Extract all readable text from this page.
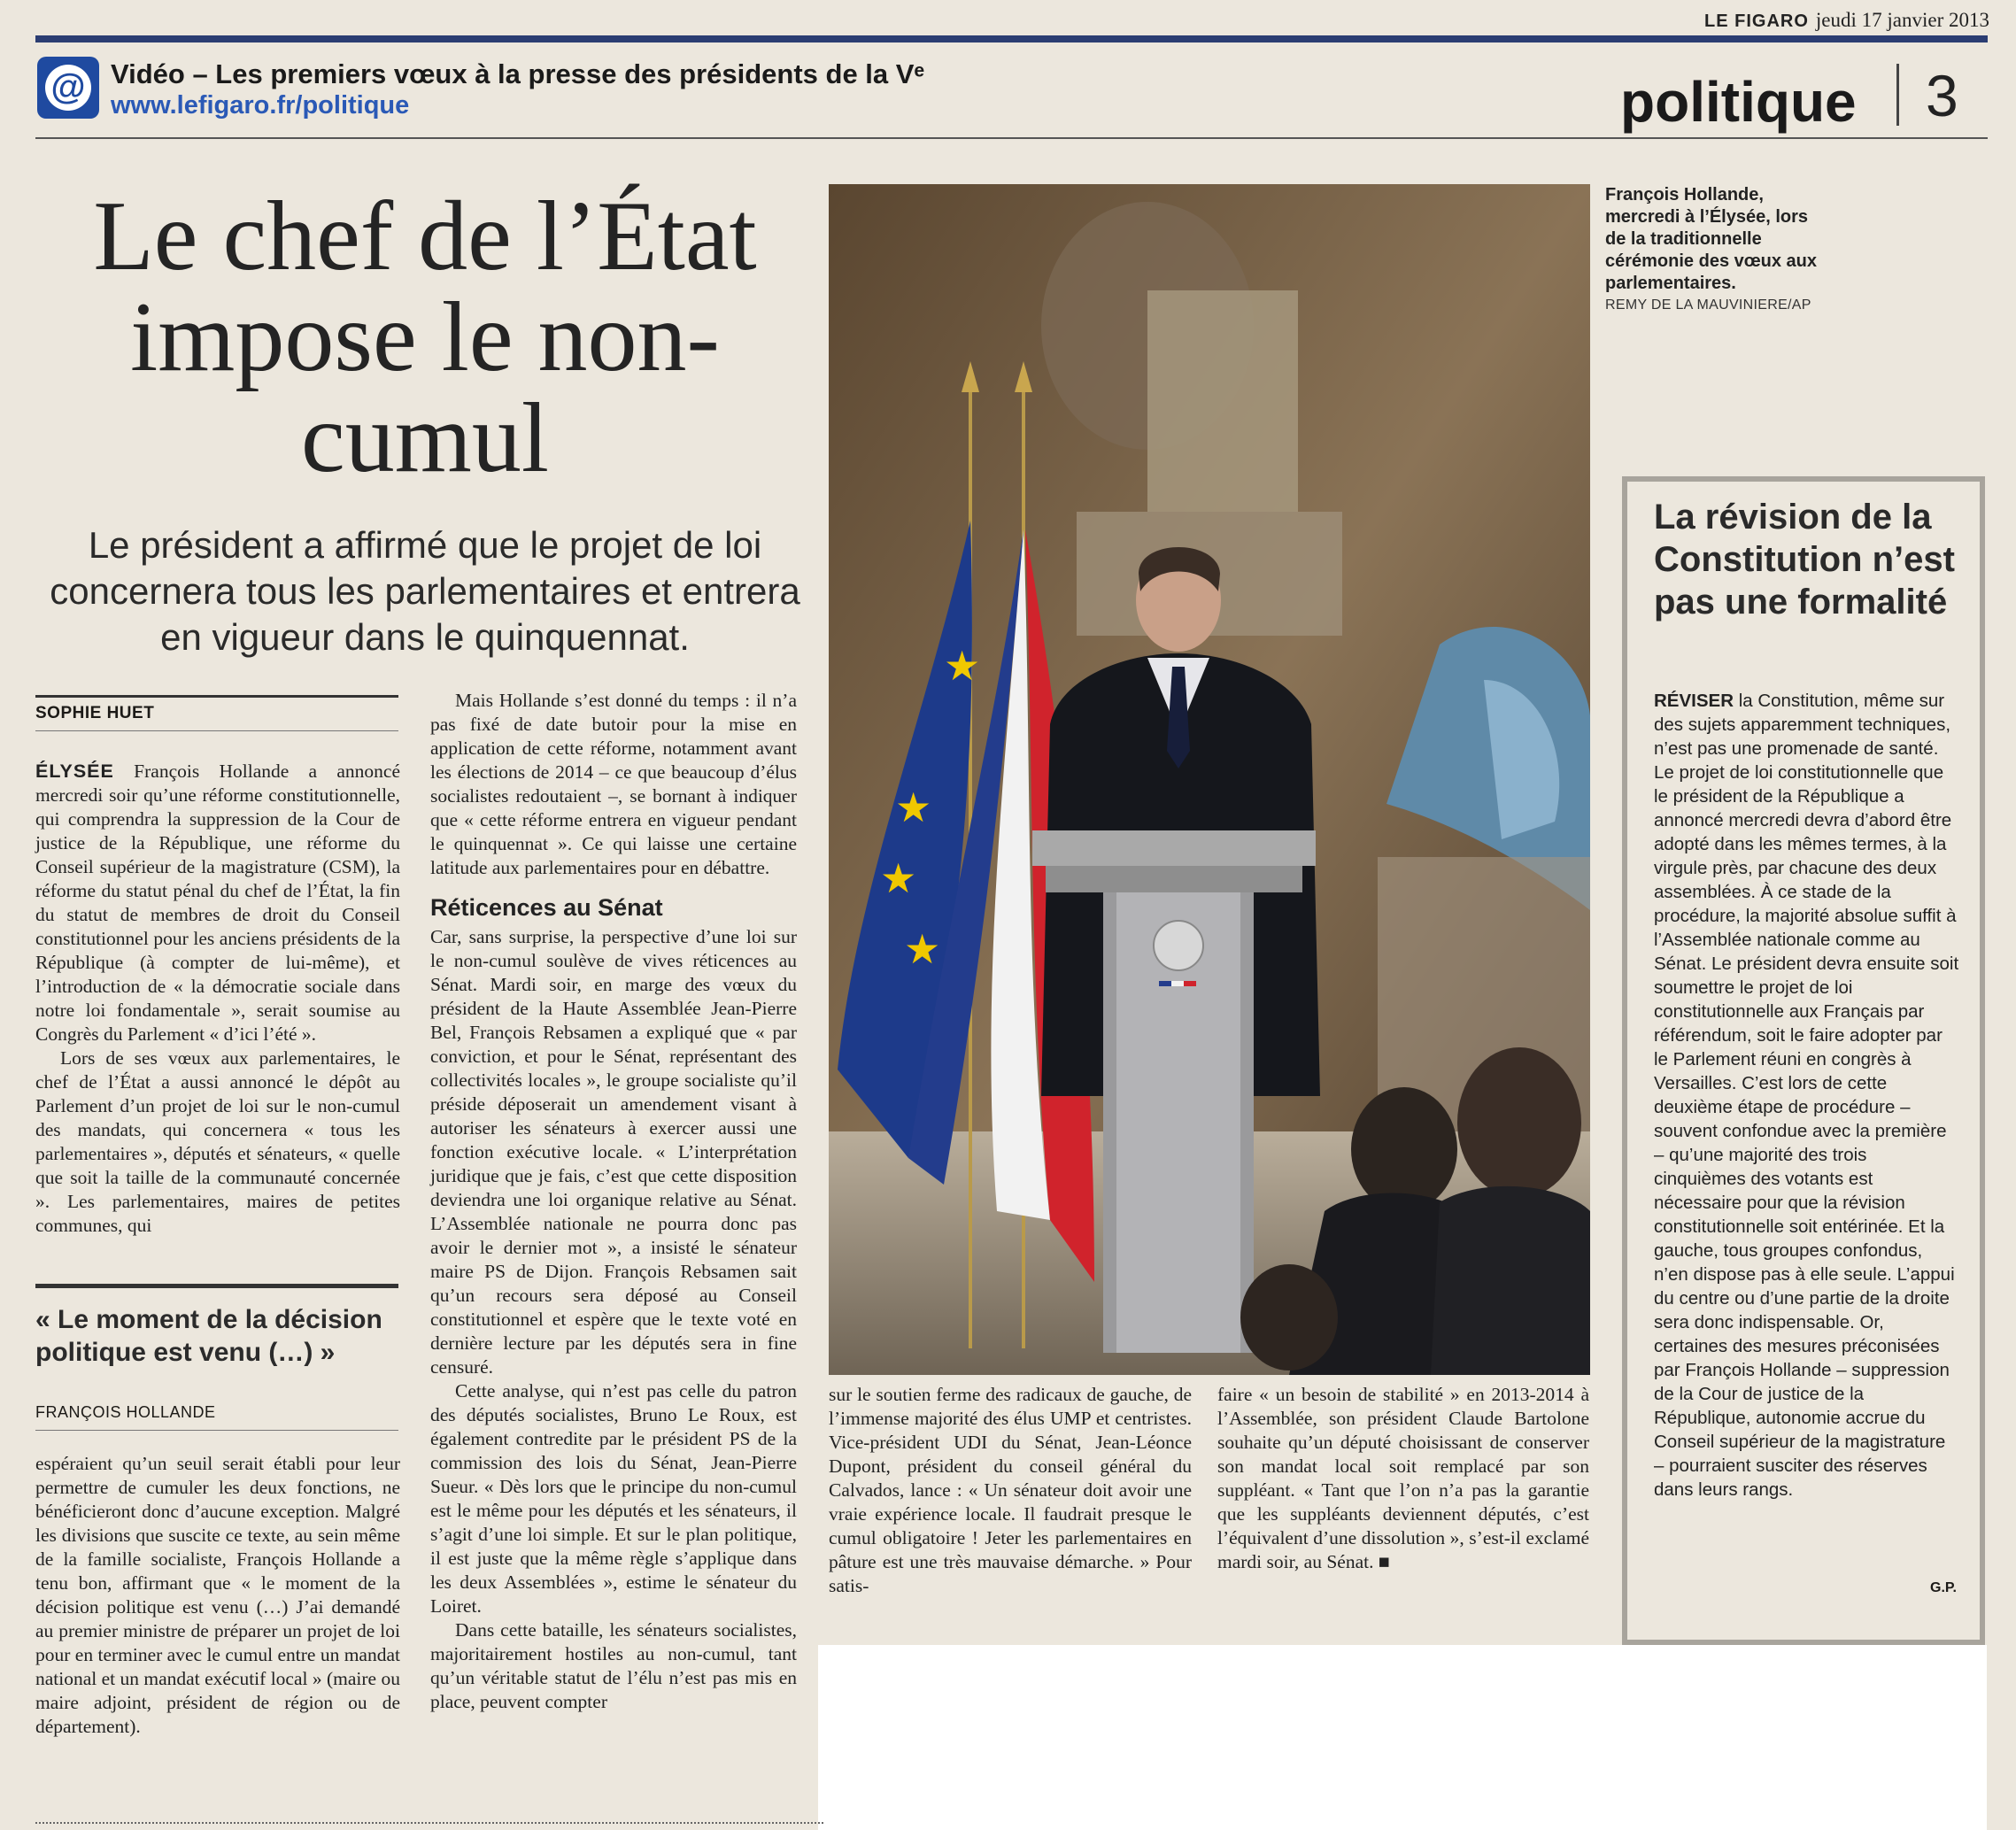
LE FIGARO jeudi 17 janvier 2013
@ Vidéo – Les premiers vœux à la presse des présidents de la Vᵉ
www.lefigaro.fr/politique	politique 3
Le chef de l’État impose le non-cumul
Le président a affirmé que le projet de loi concernera tous les parlementaires et entrera en vigueur dans le quinquennat.
SOPHIE HUET

ÉLYSÉE François Hollande a annoncé mercredi soir qu’une réforme constitutionnelle, qui comprendra la suppression de la Cour de justice de la République, une réforme du Conseil supérieur de la magistrature (CSM), la réforme du statut pénal du chef de l’État, la fin du statut de membres de droit du Conseil constitutionnel pour les anciens présidents de la République (à compter de lui-même), et l’introduction de « la démocratie sociale dans notre loi fondamentale », serait soumise au Congrès du Parlement « d’ici l’été ».

Lors de ses vœux aux parlementaires, le chef de l’État a aussi annoncé le dépôt au Parlement d’un projet de loi sur le non-cumul des mandats, qui concernera « tous les parlementaires », députés et sénateurs, « quelle que soit la taille de la communauté concernée ». Les parlementaires, maires de petites communes, qui

« Le moment de la décision politique est venu (…) »
FRANÇOIS HOLLANDE

espéraient qu’un seuil serait établi pour leur permettre de cumuler les deux fonctions, ne bénéficieront donc d’aucune exception. Malgré les divisions que suscite ce texte, au sein même de la famille socialiste, François Hollande a tenu bon, affirmant que « le moment de la décision politique est venu (…) J’ai demandé au premier ministre de préparer un projet de loi pour en terminer avec le cumul entre un mandat national et un mandat exécutif local » (maire ou maire adjoint, président de région ou de département).

Mais Hollande s’est donné du temps : il n’a pas fixé de date butoir pour la mise en application de cette réforme, notamment avant les élections de 2014 – ce que beaucoup d’élus socialistes redoutaient –, se bornant à indiquer que « cette réforme entrera en vigueur pendant le quinquennat ». Ce qui laisse une certaine latitude aux parlementaires pour en débattre.

Réticences au Sénat

Car, sans surprise, la perspective d’une loi sur le non-cumul soulève de vives réticences au Sénat. Mardi soir, en marge des vœux du président de la Haute Assemblée Jean-Pierre Bel, François Rebsamen a expliqué que « par conviction, et pour le Sénat, représentant des collectivités locales », le groupe socialiste qu’il préside déposerait un amendement visant à autoriser les sénateurs à exercer aussi une fonction exécutive locale. « L’interprétation juridique que je fais, c’est que cette disposition deviendra une loi organique relative au Sénat. L’Assemblée nationale ne pourra donc pas avoir le dernier mot », a insisté le sénateur maire PS de Dijon. François Rebsamen sait qu’un recours sera déposé au Conseil constitutionnel et espère que le texte voté en dernière lecture par les députés sera in fine censuré.

Cette analyse, qui n’est pas celle du patron des députés socialistes, Bruno Le Roux, est également contredite par le président PS de la commission des lois du Sénat, Jean-Pierre Sueur. « Dès lors que le principe du non-cumul est le même pour les députés et les sénateurs, il s’agit d’une loi simple. Et sur le plan politique, il est juste que la même règle s’applique dans les deux Assemblées », estime le sénateur du Loiret.

Dans cette bataille, les sénateurs socialistes, majoritairement hostiles au non-cumul, tant qu’un véritable statut de l’élu n’est pas mis en place, peuvent compter

★
★
★
★
François Hollande, mercredi à l’Élysée, lors de la traditionnelle cérémonie des vœux aux parlementaires.
REMY DE LA MAUVINIERE/AP

sur le soutien ferme des radicaux de gauche, de l’immense majorité des élus UMP et centristes. Vice-président UDI du Sénat, Jean-Léonce Dupont, président du conseil général du Calvados, lance : « Un sénateur doit avoir une vraie expérience locale. Il faudrait presque le cumul obligatoire ! Jeter les parlementaires en pâture est une très mauvaise démarche. » Pour satis-

faire « un besoin de stabilité » en 2013-2014 à l’Assemblée, son président Claude Bartolone souhaite qu’un député choisissant de conserver son mandat local soit remplacé par son suppléant. « Tant que l’on n’a pas la garantie que les suppléants deviennent députés, c’est l’équivalent d’une dissolution », s’est-il exclamé mardi soir, au Sénat. ■

La révision de la Constitution n’est pas une formalité
RÉVISER la Constitution, même sur des sujets apparemment techniques, n’est pas une promenade de santé. Le projet de loi constitutionnelle que le président de la République a annoncé mercredi devra d’abord être adopté dans les mêmes termes, à la virgule près, par chacune des deux assemblées. À ce stade de la procédure, la majorité absolue suffit à l’Assemblée nationale comme au Sénat. Le président devra ensuite soit soumettre le projet de loi constitutionnelle aux Français par référendum, soit le faire adopter par le Parlement réuni en congrès à Versailles. C’est lors de cette deuxième étape de procédure – souvent confondue avec la première – qu’une majorité des trois cinquièmes des votants est nécessaire pour que la révision constitutionnelle soit entérinée. Et la gauche, tous groupes confondus, n’en dispose pas à elle seule. L’appui du centre ou d’une partie de la droite sera donc indispensable. Or, certaines des mesures préconisées par François Hollande – suppression de la Cour de justice de la République, autonomie accrue du Conseil supérieur de la magistrature – pourraient susciter des réserves dans leurs rangs.
G.P.
